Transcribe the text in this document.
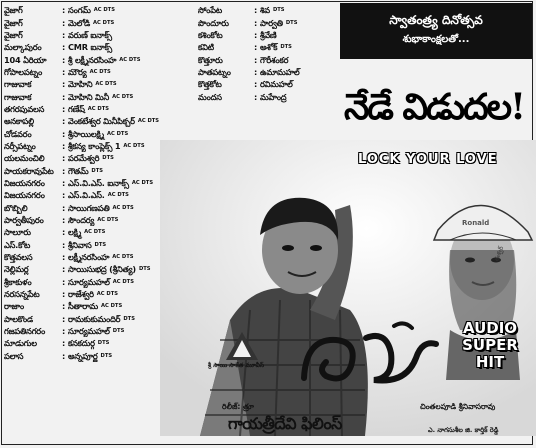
వైజాగ్	: సంగమ్ AC DTS
వైజాగ్	: మెలోడి AC DTS
వైజాగ్	: వరుణ్ ఐనాక్స్
మల్కాపురం	: CMR ఐనాక్స్
104 ఏరియా	: శ్రీ లక్ష్మీనరసింహ AC DTS
గోపాలపట్నం	: మౌర్య AC DTS
గాజువాక	: మోహిని AC DTS
గాజువాక	: మోహిని మినీ AC DTS
తగరపువలస	: గణేష్ AC DTS
అనకాపల్లి	: వెంకటేశ్వర మినీపిక్చర్ AC DTS
చోడవరం	: శ్రీసాయిలక్ష్మి AC DTS
నర్సీపట్నం	: శ్రీకన్య కాంప్లెక్స్ 1 AC DTS
యలమంచిలి	: పరమేశ్వరి DTS
పాయకరావుపేట	: గౌతమ్ DTS
విజయనగరం	: ఎస్.వి.ఎస్. ఐనాక్స్ AC DTS
విజయనగరం	: ఎస్.వి.ఎస్. AC DTS
బొబ్బిలి	: సాయిగణపతి AC DTS
పార్వతీపురం	: సౌందర్య AC DTS
సాలూరు	: లక్ష్మి AC DTS
ఎస్.కోట	: శ్రీనివాస DTS
కొత్తవలస	: లక్ష్మీనరసింహ AC DTS
నెల్లిమర్ల	: సాయిసుభద్ర (శ్రీనిత్య) DTS
శ్రీకాకుళం	: సూర్యమహల్ AC DTS
నరసన్నపేట	: రాజేశ్వరి AC DTS
రాజాం	: సీతారామ AC DTS
పాలకొండ	: రామకుకుమందిర్ DTS
గజపతినగరం	: సూర్యమహల్ DTS
మాడుగుల	: కనకదుర్గ DTS
పలాస	: అన్నపూర్ణ DTS
సోంపేట	: శివ DTS
పొందూరు	: పార్వతి DTS
కశింకోట	: శ్రీవేణి
కవిటి	: అశోక్ DTS
కొత్తూరు	: గౌరీశంకర
పాతపట్నం	: ఉమామహల్
కొత్తకోట	: రవిమహల్
మందస	: మహేంద్ర
స్వాతంత్ర్య దినోత్సవ
శుభాకాంక్షలతో...
నేడే విడుదల!
Ronald
LOCK YOUR LOVE
ఈశ్వర్
శ్రీ సాయి సాకేత మూవీస్
అడ్డా
AUDIO
SUPER
HIT
రిలీజ్: త్రూ
గాయత్రీదేవి ఫిలింస్
చింతలపూడి శ్రీనివాసరావు
ఎ. నాగసుశీల జి. కార్తిక్ రెడ్డి
